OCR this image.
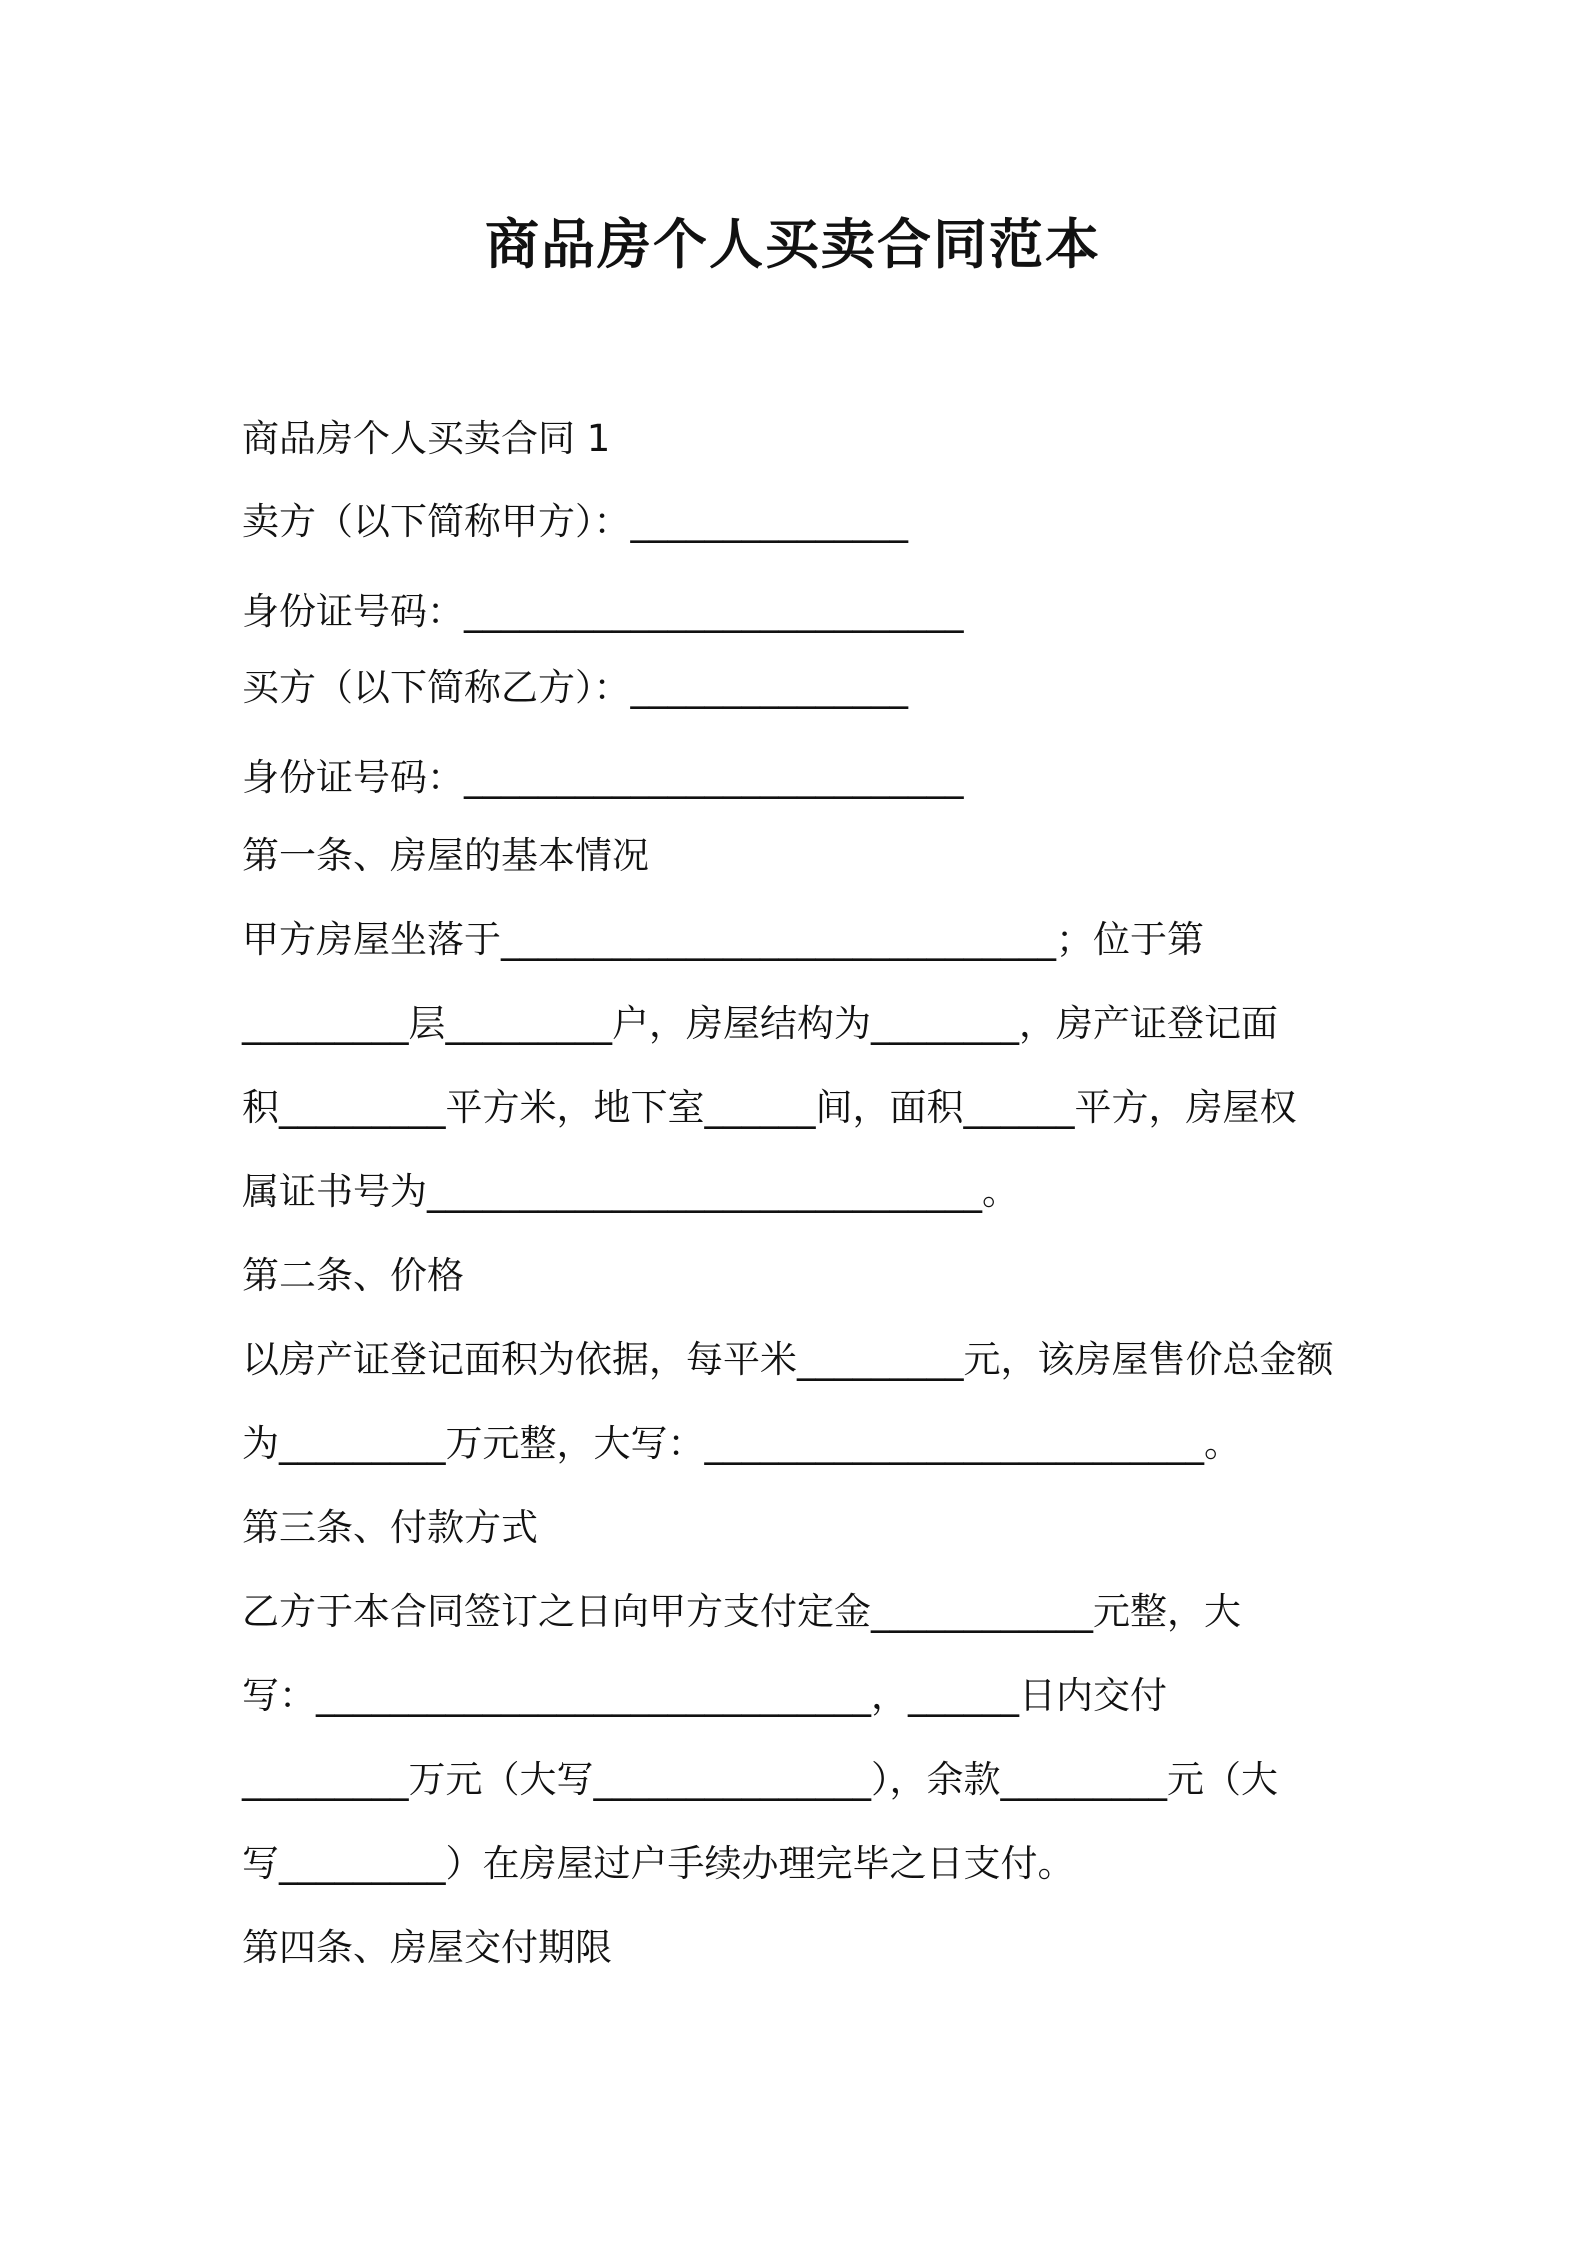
商品房个人买卖合同范本
商品房个人买卖合同 1
卖方（以下简称甲方）：_______________
身份证号码：___________________________
买方（以下简称乙方）：_______________
身份证号码：___________________________
第一条、房屋的基本情况
甲方房屋坐落于______________________________；位于第
_________层_________户，房屋结构为________，房产证登记面
积_________平方米，地下室______间，面积______平方，房屋权
属证书号为______________________________。
第二条、价格
以房产证登记面积为依据，每平米_________元，该房屋售价总金额
为_________万元整，大写：___________________________。
第三条、付款方式
乙方于本合同签订之日向甲方支付定金____________元整，大
写：______________________________，______日内交付
_________万元（大写_______________），余款_________元（大
写_________）在房屋过户手续办理完毕之日支付。
第四条、房屋交付期限
